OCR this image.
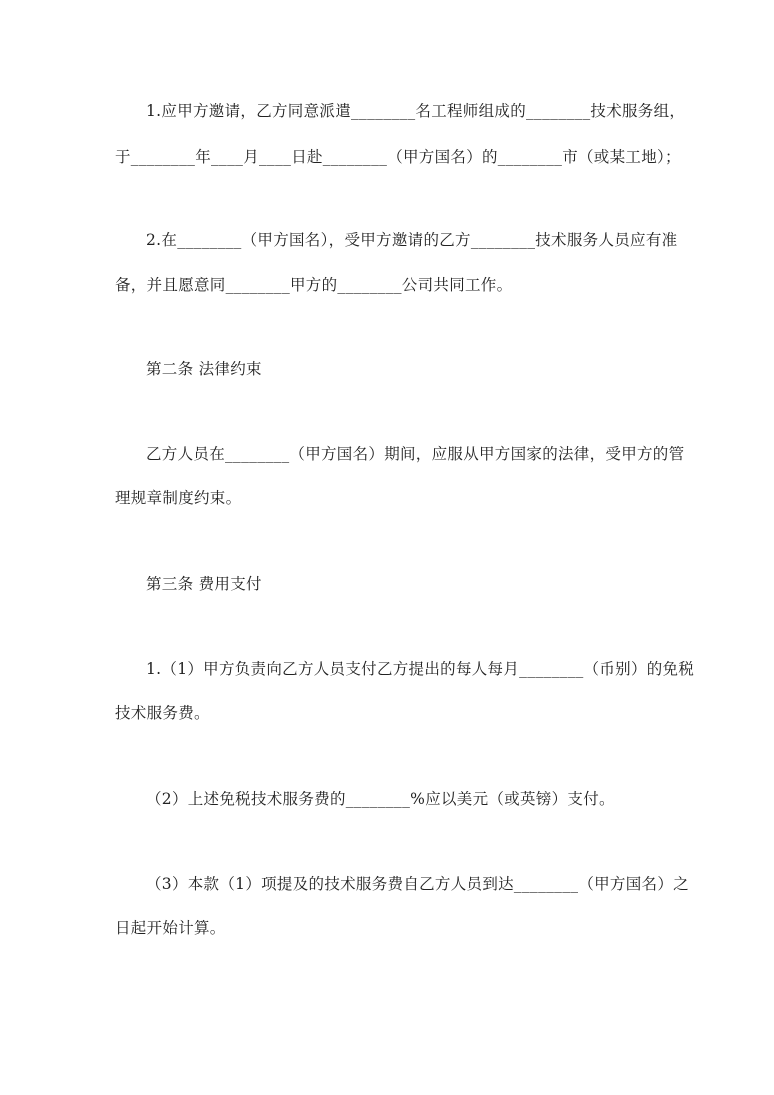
1.应甲方邀请，乙方同意派遣________名工程师组成的________技术服务组，
于________年____月____日赴________（甲方国名）的________市（或某工地）；
2.在________（甲方国名），受甲方邀请的乙方________技术服务人员应有准
备，并且愿意同________甲方的________公司共同工作。
第二条 法律约束
乙方人员在________（甲方国名）期间，应服从甲方国家的法律，受甲方的管
理规章制度约束。
第三条 费用支付
1.（1）甲方负责向乙方人员支付乙方提出的每人每月________（币别）的免税
技术服务费。
（2）上述免税技术服务费的________%应以美元（或英镑）支付。
（3）本款（1）项提及的技术服务费自乙方人员到达________（甲方国名）之
日起开始计算。
